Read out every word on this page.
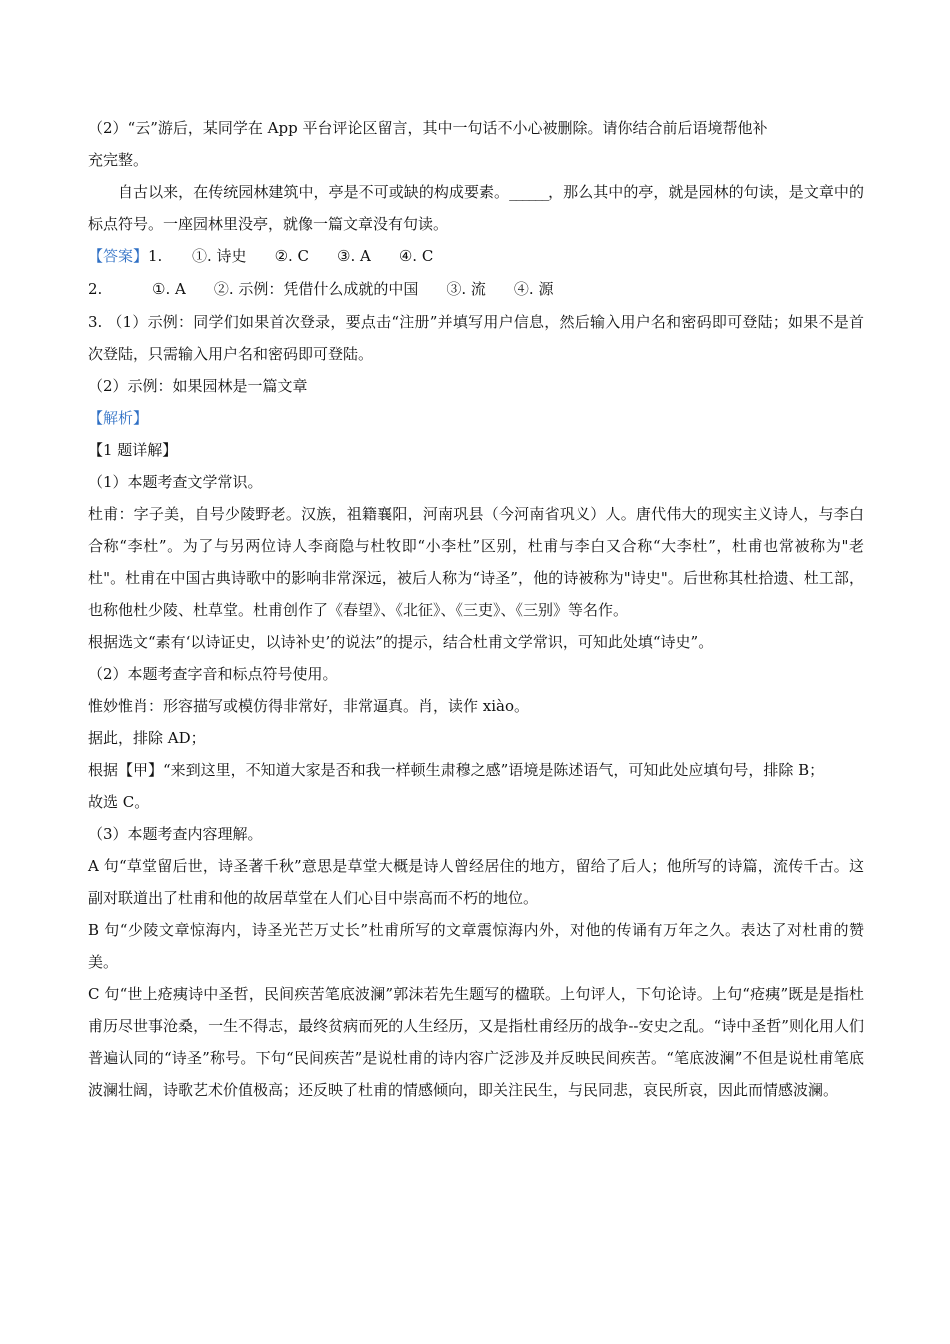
（2）“云”游后，某同学在 App 平台评论区留言，其中一句话不小心被删除。请你结合前后语境帮他补
充完整。
自古以来，在传统园林建筑中，亭是不可或缺的构成要素。______，那么其中的亭，就是园林的句读，是文章中的标点符号。一座园林里没亭，就像一篇文章没有句读。
【答案】 1.	①. 诗史 ②. C ③. A ④. C
2.	①. A ②. 示例：凭借什么成就的中国 ③. 流 ④. 源
3. （1）示例：同学们如果首次登录，要点击“注册”并填写用户信息，然后输入用户名和密码即可登陆；如果不是首次登陆，只需输入用户名和密码即可登陆。
（2）示例：如果园林是一篇文章
【解析】
【1 题详解】
（1）本题考查文学常识。
杜甫：字子美，自号少陵野老。汉族，祖籍襄阳，河南巩县（今河南省巩义）人。唐代伟大的现实主义诗人，与李白合称“李杜”。为了与另两位诗人李商隐与杜牧即“小李杜”区别，杜甫与李白又合称“大李杜”，杜甫也常被称为"老杜"。杜甫在中国古典诗歌中的影响非常深远，被后人称为“诗圣”，他的诗被称为"诗史"。后世称其杜拾遗、杜工部，也称他杜少陵、杜草堂。杜甫创作了《春望》、《北征》、《三吏》、《三别》等名作。
根据选文“素有‘以诗证史，以诗补史’的说法”的提示，结合杜甫文学常识，可知此处填“诗史”。
（2）本题考查字音和标点符号使用。
惟妙惟肖：形容描写或模仿得非常好，非常逼真。肖，读作 xiào。
据此，排除 AD；
根据【甲】“来到这里，不知道大家是否和我一样顿生肃穆之感”语境是陈述语气，可知此处应填句号，排除 B；
故选 C。
（3）本题考查内容理解。
A 句“草堂留后世，诗圣著千秋”意思是草堂大概是诗人曾经居住的地方，留给了后人；他所写的诗篇，流传千古。这副对联道出了杜甫和他的故居草堂在人们心目中崇高而不朽的地位。
B 句“少陵文章惊海内，诗圣光芒万丈长”杜甫所写的文章震惊海内外，对他的传诵有万年之久。表达了对杜甫的赞美。
C 句“世上疮痍诗中圣哲，民间疾苦笔底波澜”郭沫若先生题写的楹联。上句评人，下句论诗。上句“疮痍”既是是指杜甫历尽世事沧桑，一生不得志，最终贫病而死的人生经历，又是指杜甫经历的战争--安史之乱。“诗中圣哲”则化用人们普遍认同的“诗圣”称号。下句“民间疾苦”是说杜甫的诗内容广泛涉及并反映民间疾苦。“笔底波澜”不但是说杜甫笔底波澜壮阔，诗歌艺术价值极高；还反映了杜甫的情感倾向，即关注民生，与民同悲，哀民所哀，因此而情感波澜。
